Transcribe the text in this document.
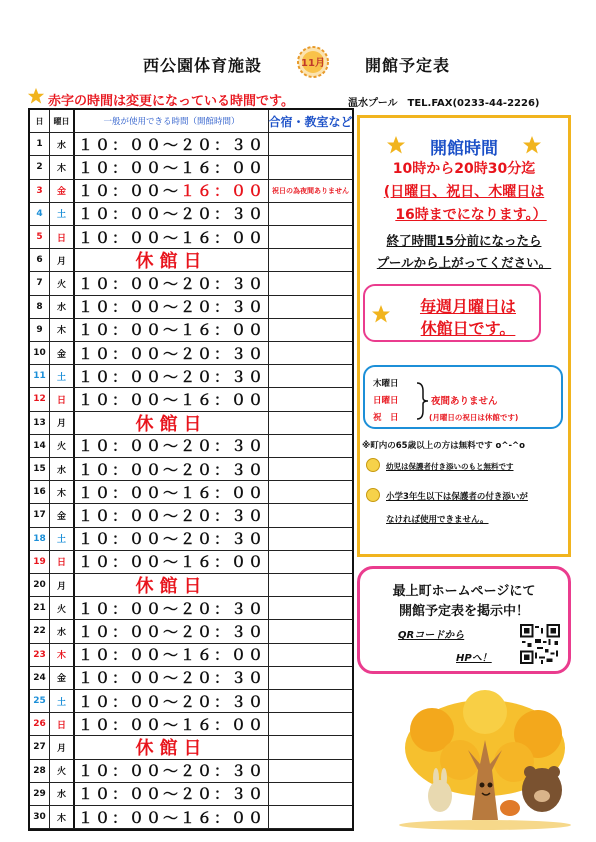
西公園体育施設	11月	開館予定表
赤字の時間は変更になっている時間です。	温水プール　TEL.FAX(0233-44-2226)
日	曜日	一般が使用できる時間（開館時間）	合宿・教室など
1	水 １０：００～２０：３０
2	木 １０：００～１６：００
3	金 １０：００～ １６：００ 祝日の為夜間ありません
4	土 １０：００～２０：３０
5	日 １０：００～１６：００
6	月	休館日
7	火 １０：００～２０：３０
8	水 １０：００～２０：３０
9	木 １０：００～１６：００
10	金 １０：００～２０：３０
11	土 １０：００～２０：３０
12	日 １０：００～１６：００
13	月	休館日
14	火 １０：００～２０：３０
15	水 １０：００～２０：３０
16	木 １０：００～１６：００
17	金 １０：００～２０：３０
18	土 １０：００～２０：３０
19	日 １０：００～１６：００
20	月	休館日
21	火 １０：００～２０：３０
22	水 １０：００～２０：３０
23	木 １０：００～１６：００
24	金 １０：００～２０：３０
25	土 １０：００～２０：３０
26	日 １０：００～１６：００
27	月	休館日
28	火 １０：００～２０：３０
29	水 １０：００～２０：３０
30	木 １０：００～１６：００
開館時間
10時から20時30分迄
(日曜日、祝日、木曜日は
16時までになります。）
終了時間15分前になったら
プールから上がってください。
※町内の65歳以上の方は無料です о^-^о
幼児は保護者付き添いのもと無料です
小学3年生以下は保護者の付き添いが
なければ使用できません。
毎週月曜日は
休館日です。
木曜日
日曜日
祝　日
夜間ありません
(月曜日の祝日は休館です)
最上町ホームページにて
開館予定表を掲示中！
QRコードから
HPへ！
